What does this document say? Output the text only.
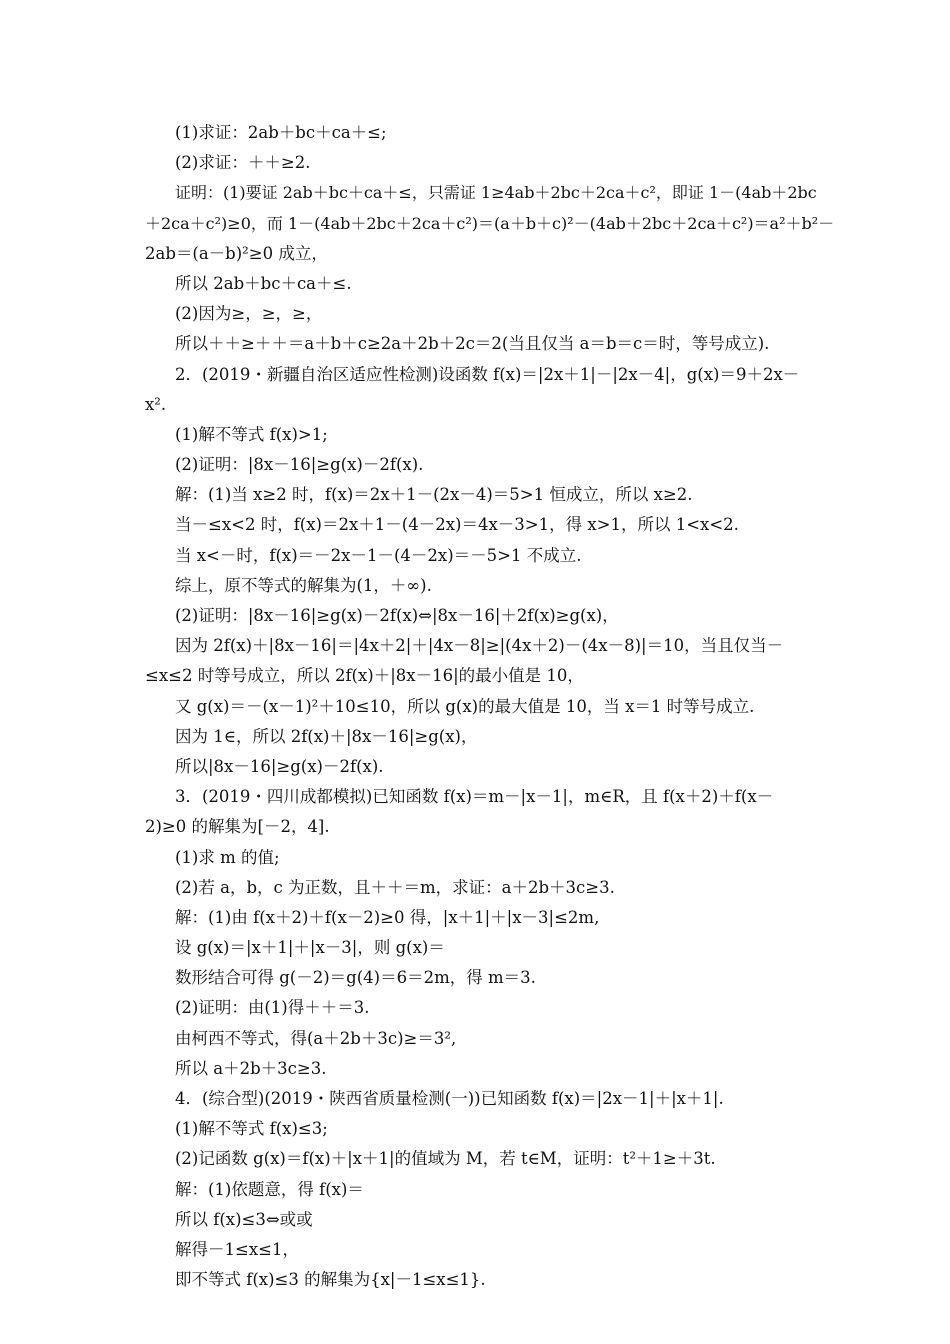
(1)求证：2ab＋bc＋ca＋≤;
(2)求证：＋＋≥2.
证明：(1)要证 2ab＋bc＋ca＋≤，只需证 1≥4ab＋2bc＋2ca＋c²，即证 1－(4ab＋2bc
＋2ca＋c²)≥0，而 1－(4ab＋2bc＋2ca＋c²)＝(a＋b＋c)²－(4ab＋2bc＋2ca＋c²)＝a²＋b²－
2ab＝(a－b)²≥0 成立，
所以 2ab＋bc＋ca＋≤.
(2)因为≥，≥，≥，
所以＋＋≥＋＋＝a＋b＋c≥2a＋2b＋2c＝2(当且仅当 a＝b＝c＝时，等号成立).
2．(2019・新疆自治区适应性检测)设函数 f(x)＝|2x＋1|－|2x－4|，g(x)＝9＋2x－
x².
(1)解不等式 f(x)>1;
(2)证明：|8x－16|≥g(x)－2f(x).
解：(1)当 x≥2 时，f(x)＝2x＋1－(2x－4)＝5>1 恒成立，所以 x≥2.
当－≤x<2 时，f(x)＝2x＋1－(4－2x)＝4x－3>1，得 x>1，所以 1<x<2.
当 x<－时，f(x)＝－2x－1－(4－2x)＝－5>1 不成立.
综上，原不等式的解集为(1，＋∞).
(2)证明：|8x－16|≥g(x)－2f(x)⇔|8x－16|＋2f(x)≥g(x)，
因为 2f(x)＋|8x－16|＝|4x＋2|＋|4x－8|≥|(4x＋2)－(4x－8)|＝10，当且仅当－
≤x≤2 时等号成立，所以 2f(x)＋|8x－16|的最小值是 10，
又 g(x)＝－(x－1)²＋10≤10，所以 g(x)的最大值是 10，当 x＝1 时等号成立.
因为 1∈，所以 2f(x)＋|8x－16|≥g(x)，
所以|8x－16|≥g(x)－2f(x).
3．(2019・四川成都模拟)已知函数 f(x)＝m－|x－1|，m∈R，且 f(x＋2)＋f(x－
2)≥0 的解集为[－2，4].
(1)求 m 的值;
(2)若 a，b，c 为正数，且＋＋＝m，求证：a＋2b＋3c≥3.
解：(1)由 f(x＋2)＋f(x－2)≥0 得，|x＋1|＋|x－3|≤2m,
设 g(x)＝|x＋1|＋|x－3|，则 g(x)＝
数形结合可得 g(－2)＝g(4)＝6＝2m，得 m＝3.
(2)证明：由(1)得＋＋＝3.
由柯西不等式，得(a＋2b＋3c)≥＝3²,
所以 a＋2b＋3c≥3.
4．(综合型)(2019・陕西省质量检测(一))已知函数 f(x)＝|2x－1|＋|x＋1|.
(1)解不等式 f(x)≤3;
(2)记函数 g(x)＝f(x)＋|x＋1|的值域为 M，若 t∈M，证明：t²＋1≥＋3t.
解：(1)依题意，得 f(x)＝
所以 f(x)≤3⇔或或
解得－1≤x≤1，
即不等式 f(x)≤3 的解集为{x|－1≤x≤1}.
